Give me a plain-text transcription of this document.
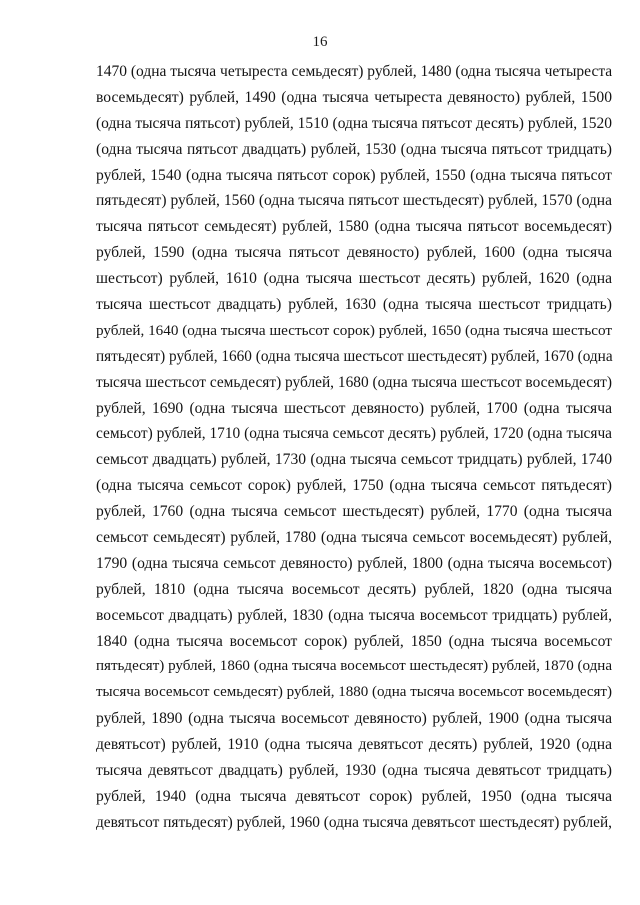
16

1470 (одна тысяча четыреста семьдесят) рублей, 1480 (одна тысяча четыреста
восемьдесят) рублей, 1490 (одна тысяча четыреста девяносто) рублей, 1500
(одна тысяча пятьсот) рублей, 1510 (одна тысяча пятьсот десять) рублей, 1520
(одна тысяча пятьсот двадцать) рублей, 1530 (одна тысяча пятьсот тридцать)
рублей, 1540 (одна тысяча пятьсот сорок) рублей, 1550 (одна тысяча пятьсот
пятьдесят) рублей, 1560 (одна тысяча пятьсот шестьдесят) рублей, 1570 (одна
тысяча пятьсот семьдесят) рублей, 1580 (одна тысяча пятьсот восемьдесят)
рублей, 1590 (одна тысяча пятьсот девяносто) рублей, 1600 (одна тысяча
шестьсот) рублей, 1610 (одна тысяча шестьсот десять) рублей, 1620 (одна
тысяча шестьсот двадцать) рублей, 1630 (одна тысяча шестьсот тридцать)
рублей, 1640 (одна тысяча шестьсот сорок) рублей, 1650 (одна тысяча шестьсот
пятьдесят) рублей, 1660 (одна тысяча шестьсот шестьдесят) рублей, 1670 (одна
тысяча шестьсот семьдесят) рублей, 1680 (одна тысяча шестьсот восемьдесят)
рублей, 1690 (одна тысяча шестьсот девяносто) рублей, 1700 (одна тысяча
семьсот) рублей, 1710 (одна тысяча семьсот десять) рублей, 1720 (одна тысяча
семьсот двадцать) рублей, 1730 (одна тысяча семьсот тридцать) рублей, 1740
(одна тысяча семьсот сорок) рублей, 1750 (одна тысяча семьсот пятьдесят)
рублей, 1760 (одна тысяча семьсот шестьдесят) рублей, 1770 (одна тысяча
семьсот семьдесят) рублей, 1780 (одна тысяча семьсот восемьдесят) рублей,
1790 (одна тысяча семьсот девяносто) рублей, 1800 (одна тысяча восемьсот)
рублей, 1810 (одна тысяча восемьсот десять) рублей, 1820 (одна тысяча
восемьсот двадцать) рублей, 1830 (одна тысяча восемьсот тридцать) рублей,
1840 (одна тысяча восемьсот сорок) рублей, 1850 (одна тысяча восемьсот
пятьдесят) рублей, 1860 (одна тысяча восемьсот шестьдесят) рублей, 1870 (одна
тысяча восемьсот семьдесят) рублей, 1880 (одна тысяча восемьсот восемьдесят)
рублей, 1890 (одна тысяча восемьсот девяносто) рублей, 1900 (одна тысяча
девятьсот) рублей, 1910 (одна тысяча девятьсот десять) рублей, 1920 (одна
тысяча девятьсот двадцать) рублей, 1930 (одна тысяча девятьсот тридцать)
рублей, 1940 (одна тысяча девятьсот сорок) рублей, 1950 (одна тысяча
девятьсот пятьдесят) рублей, 1960 (одна тысяча девятьсот шестьдесят) рублей,
